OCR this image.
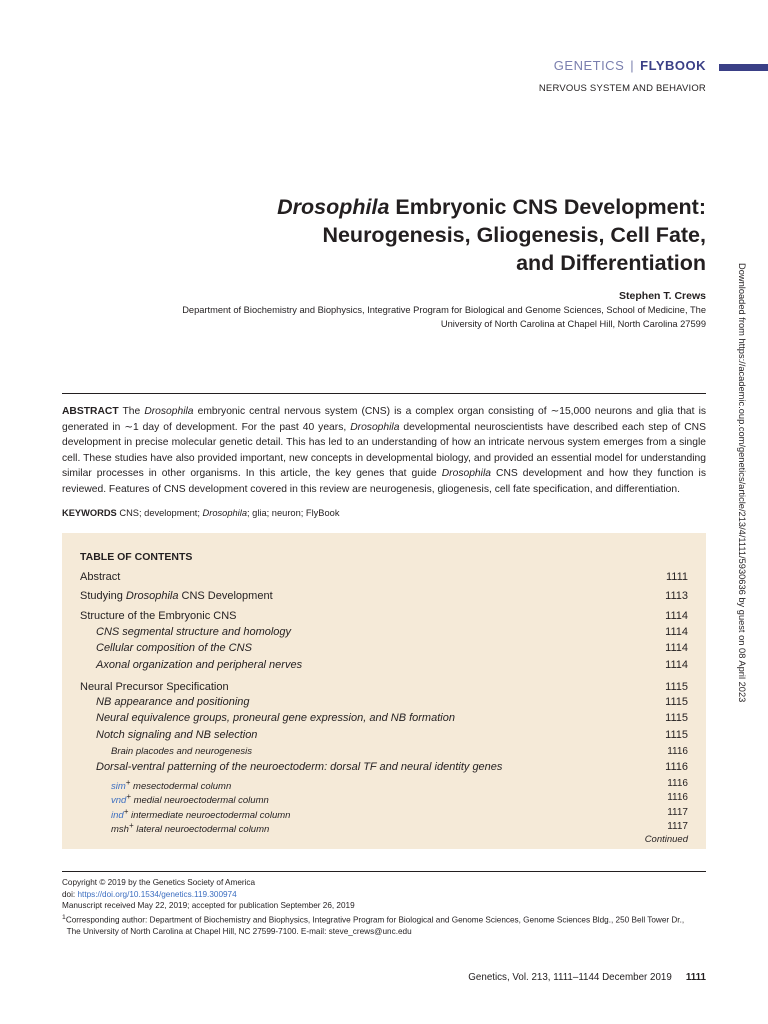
GENETICS | FLYBOOK
NERVOUS SYSTEM AND BEHAVIOR
Drosophila Embryonic CNS Development:
Neurogenesis, Gliogenesis, Cell Fate,
and Differentiation
Stephen T. Crews
Department of Biochemistry and Biophysics, Integrative Program for Biological and Genome Sciences, School of Medicine, The
University of North Carolina at Chapel Hill, North Carolina 27599
ABSTRACT The Drosophila embryonic central nervous system (CNS) is a complex organ consisting of ∼15,000 neurons and glia that is generated in ∼1 day of development. For the past 40 years, Drosophila developmental neuroscientists have described each step of CNS development in precise molecular genetic detail. This has led to an understanding of how an intricate nervous system emerges from a single cell. These studies have also provided important, new concepts in developmental biology, and provided an essential model for understanding similar processes in other organisms. In this article, the key genes that guide Drosophila CNS development and how they function is reviewed. Features of CNS development covered in this review are neurogenesis, gliogenesis, cell fate specification, and differentiation.
KEYWORDS CNS; development; Drosophila; glia; neuron; FlyBook
TABLE OF CONTENTS
Abstract	1111
Studying Drosophila CNS Development	1113
Structure of the Embryonic CNS	1114
CNS segmental structure and homology	1114
Cellular composition of the CNS	1114
Axonal organization and peripheral nerves	1114
Neural Precursor Specification	1115
NB appearance and positioning	1115
Neural equivalence groups, proneural gene expression, and NB formation	1115
Notch signaling and NB selection	1115
Brain placodes and neurogenesis	1116
Dorsal-ventral patterning of the neuroectoderm: dorsal TF and neural identity genes	1116
sim+ mesectodermal column	1116
vnd+ medial neuroectodermal column	1116
ind+ intermediate neuroectodermal column	1117
msh+ lateral neuroectodermal column	1117
Continued
Copyright © 2019 by the Genetics Society of America
doi: https://doi.org/10.1534/genetics.119.300974
Manuscript received May 22, 2019; accepted for publication September 26, 2019
$^1$Corresponding author: Department of Biochemistry and Biophysics, Integrative Program for Biological and Genome Sciences, Genome Sciences Bldg., 250 Bell Tower Dr.,
The University of North Carolina at Chapel Hill, NC 27599-7100. E-mail: steve_crews@unc.edu
Genetics, Vol. 213, 1111–1144 December 2019 1111
Downloaded from https://academic.oup.com/genetics/article/213/4/1111/5930636 by guest on 08 April 2023
